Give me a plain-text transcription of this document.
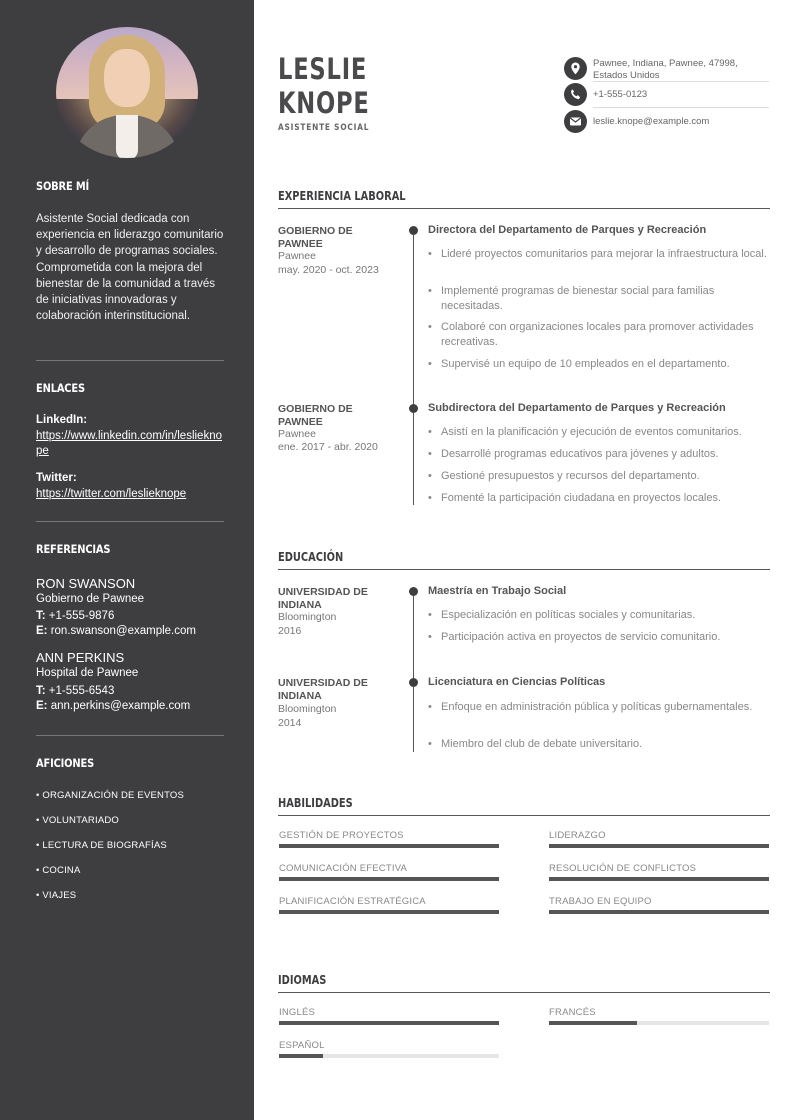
SOBRE MÍ
Asistente Social dedicada con experiencia en liderazgo comunitario y desarrollo de programas sociales. Comprometida con la mejora del bienestar de la comunidad a través de iniciativas innovadoras y colaboración interinstitucional.
ENLACES
LinkedIn:
https://www.linkedin.com/in/leslieknope
Twitter:
https://twitter.com/leslieknope
REFERENCIAS
RON SWANSON
Gobierno de Pawnee
T: +1-555-9876
E: ron.swanson@example.com
ANN PERKINS
Hospital de Pawnee
T: +1-555-6543
E: ann.perkins@example.com
AFICIONES
• ORGANIZACIÓN DE EVENTOS
• VOLUNTARIADO
• LECTURA DE BIOGRAFÍAS
• COCINA
• VIAJES
LESLIE
KNOPE
ASISTENTE SOCIAL
Pawnee, Indiana, Pawnee, 47998,
Estados Unidos
+1-555-0123
leslie.knope@example.com
EXPERIENCIA LABORAL
GOBIERNO DE PAWNEE
Pawnee
may. 2020 - oct. 2023
Directora del Departamento de Parques y Recreación
• Lideré proyectos comunitarios para mejorar la infraestructura local.
• Implementé programas de bienestar social para familias necesitadas.
• Colaboré con organizaciones locales para promover actividades recreativas.
• Supervisé un equipo de 10 empleados en el departamento.
GOBIERNO DE PAWNEE
Pawnee
ene. 2017 - abr. 2020
Subdirectora del Departamento de Parques y Recreación
• Asistí en la planificación y ejecución de eventos comunitarios.
• Desarrollé programas educativos para jóvenes y adultos.
• Gestioné presupuestos y recursos del departamento.
• Fomenté la participación ciudadana en proyectos locales.
EDUCACIÓN
UNIVERSIDAD DE INDIANA
Bloomington
2016
Maestría en Trabajo Social
• Especialización en políticas sociales y comunitarias.
• Participación activa en proyectos de servicio comunitario.
UNIVERSIDAD DE INDIANA
Bloomington
2014
Licenciatura en Ciencias Políticas
• Enfoque en administración pública y políticas gubernamentales.
• Miembro del club de debate universitario.
HABILIDADES
GESTIÓN DE PROYECTOS	LIDERAZGO
COMUNICACIÓN EFECTIVA	RESOLUCIÓN DE CONFLICTOS
PLANIFICACIÓN ESTRATÉGICA	TRABAJO EN EQUIPO
IDIOMAS
INGLÉS	FRANCÉS
ESPAÑOL
